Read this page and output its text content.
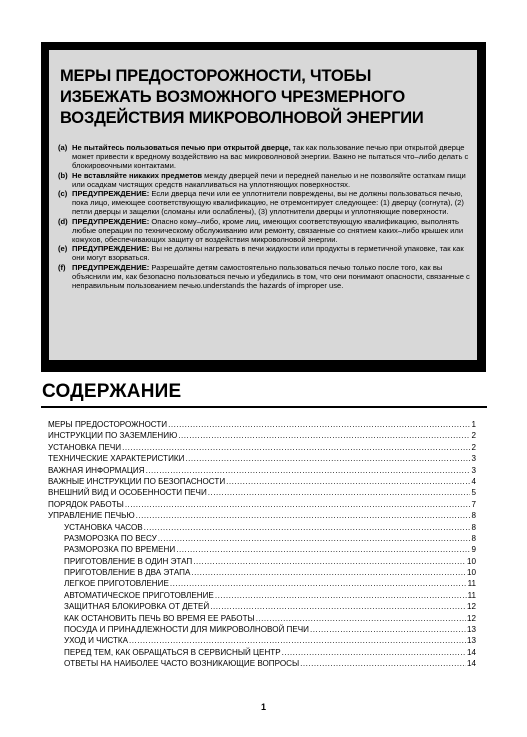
МЕРЫ ПРЕДОСТОРОЖНОСТИ, ЧТОБЫ
ИЗБЕЖАТЬ ВОЗМОЖНОГО ЧРЕЗМЕРНОГО
ВОЗДЕЙСТВИЯ МИКРОВОЛНОВОЙ ЭНЕРГИИ
(a) Не пытайтесь пользоваться печью при открытой дверце, так как пользование печью при открытой дверце может привести к вредному воздействию на вас микроволновой энергии. Важно не пытаться что–либо делать с блокировочными контактами.
(b) Не вставляйте никаких предметов между дверцей печи и передней панелью и не позволяйте остаткам пищи или осадкам чистящих средств накапливаться на уплотняющих поверхностях.
(c) ПРЕДУПРЕЖДЕНИЕ: Если дверца печи или ее уплотнители повреждены, вы не должны пользоваться печью, пока лицо, имеющее соответствующую квалификацию, не отремонтирует следующее: (1) дверцу (согнута), (2) петли дверцы и защелки (сломаны или ослаблены), (3) уплотнители дверцы и уплотняющие поверхности.
(d) ПРЕДУПРЕЖДЕНИЕ: Опасно кому–либо, кроме лиц, имеющих соответствующую квалификацию, выполнять любые операции по техническому обслуживанию или ремонту, связанные со снятием каких–либо крышек или кожухов, обеспечивающих защиту от воздействия микроволновой энергии.
(e) ПРЕДУПРЕЖДЕНИЕ: Вы не должны нагревать в печи жидкости или продукты в герметичной упаковке, так как они могут взорваться.
(f) ПРЕДУПРЕЖДЕНИЕ: Разрешайте детям самостоятельно пользоваться печью только после того, как вы объяснили им, как безопасно пользоваться печью и убедились в том, что они понимают опасности, связанные с неправильным пользованием печью.understands the hazards of improper use.
СОДЕРЖАНИЕ
МЕРЫ ПРЕДОСТОРОЖНОСТИ .....	1
ИНСТРУКЦИИ ПО ЗАЗЕМЛЕНИЮ .....	2
УСТАНОВКА ПЕЧИ .....	2
ТЕХНИЧЕСКИЕ ХАРАКТЕРИСТИКИ .....	3
ВАЖНАЯ ИНФОРМАЦИЯ .....	3
ВАЖНЫЕ ИНСТРУКЦИИ ПО БЕЗОПАСНОСТИ .....	4
ВНЕШНИЙ ВИД И ОСОБЕННОСТИ ПЕЧИ .....	5
ПОРЯДОК РАБОТЫ .....	7
УПРАВЛЕНИЕ ПЕЧЬЮ .....	8
УСТАНОВКА ЧАСОВ .....	8
РАЗМОРОЗКА ПО ВЕСУ .....	8
РАЗМОРОЗКА ПО ВРЕМЕНИ .....	9
ПРИГОТОВЛЕНИЕ В ОДИН ЭТАП .....	10
ПРИГОТОВЛЕНИЕ В ДВА ЭТАПА .....	10
ЛЕГКОЕ ПРИГОТОВЛЕНИЕ .....	11
АВТОМАТИЧЕСКОЕ ПРИГОТОВЛЕНИЕ .....	11
ЗАЩИТНАЯ БЛОКИРОВКА ОТ ДЕТЕЙ .....	12
КАК ОСТАНОВИТЬ ПЕЧЬ ВО ВРЕМЯ ЕЕ РАБОТЫ .....	12
ПОСУДА И ПРИНАДЛЕЖНОСТИ ДЛЯ МИКРОВОЛНОВОЙ ПЕЧИ .....	13
УХОД И ЧИСТКА .....	13
ПЕРЕД ТЕМ, КАК ОБРАЩАТЬСЯ В СЕРВИСНЫЙ ЦЕНТР .....	14
ОТВЕТЫ НА НАИБОЛЕЕ ЧАСТО ВОЗНИКАЮЩИЕ ВОПРОСЫ .....	14
1
